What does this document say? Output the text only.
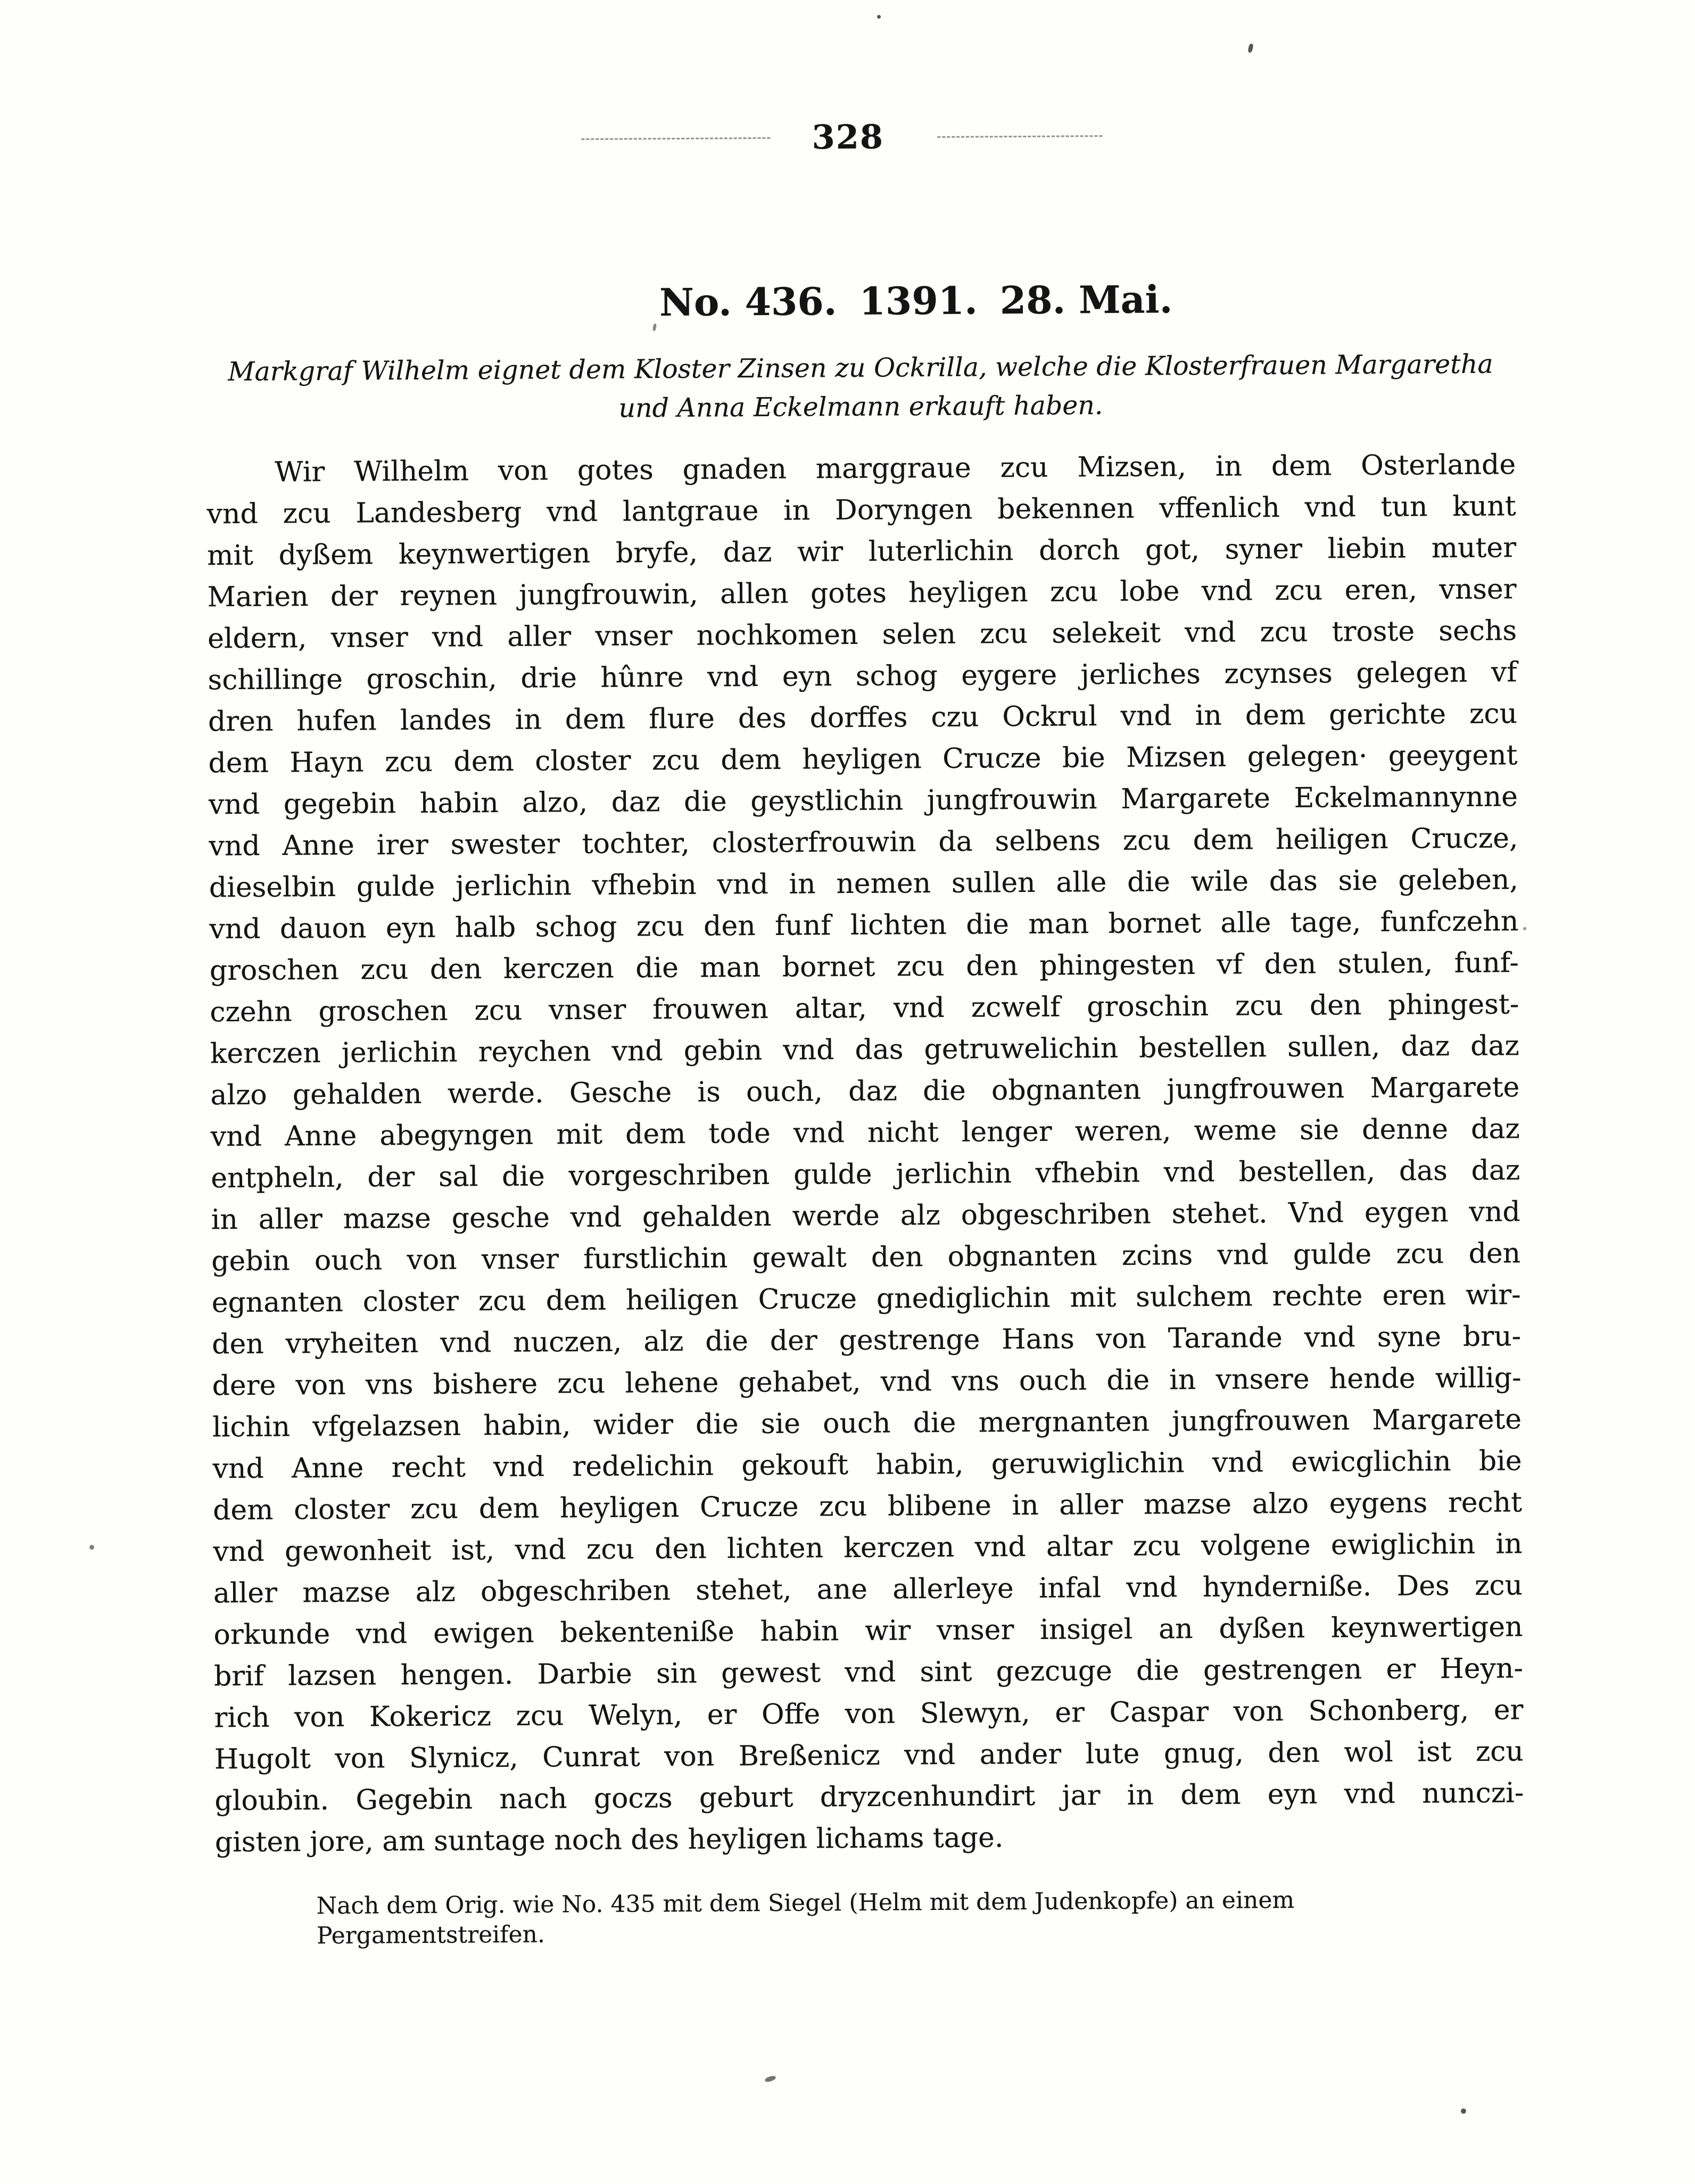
328
No. 436. 1391. 28. Mai.
Markgraf Wilhelm eignet dem Kloster Zinsen zu Ockrilla, welche die Klosterfrauen Margaretha
und Anna Eckelmann erkauft haben.
Wir Wilhelm von gotes gnaden marggraue zcu Mizsen, in dem Osterlande
vnd zcu Landesberg vnd lantgraue in Doryngen bekennen vffenlich vnd tun kunt
mit dyßem keynwertigen bryfe, daz wir luterlichin dorch got, syner liebin muter
Marien der reynen jungfrouwin, allen gotes heyligen zcu lobe vnd zcu eren, vnser
eldern, vnser vnd aller vnser nochkomen selen zcu selekeit vnd zcu troste sechs
schillinge groschin, drie hûnre vnd eyn schog eygere jerliches zcynses gelegen vf
dren hufen landes in dem flure des dorffes czu Ockrul vnd in dem gerichte zcu
dem Hayn zcu dem closter zcu dem heyligen Crucze bie Mizsen gelegen· geeygent
vnd gegebin habin alzo, daz die geystlichin jungfrouwin Margarete Eckelmannynne
vnd Anne irer swester tochter, closterfrouwin da selbens zcu dem heiligen Crucze,
dieselbin gulde jerlichin vfhebin vnd in nemen sullen alle die wile das sie geleben,
vnd dauon eyn halb schog zcu den funf lichten die man bornet alle tage, funfczehn
groschen zcu den kerczen die man bornet zcu den phingesten vf den stulen, funf-
czehn groschen zcu vnser frouwen altar, vnd zcwelf groschin zcu den phingest-
kerczen jerlichin reychen vnd gebin vnd das getruwelichin bestellen sullen, daz daz
alzo gehalden werde. Gesche is ouch, daz die obgnanten jungfrouwen Margarete
vnd Anne abegyngen mit dem tode vnd nicht lenger weren, weme sie denne daz
entpheln, der sal die vorgeschriben gulde jerlichin vfhebin vnd bestellen, das daz
in aller mazse gesche vnd gehalden werde alz obgeschriben stehet. Vnd eygen vnd
gebin ouch von vnser furstlichin gewalt den obgnanten zcins vnd gulde zcu den
egnanten closter zcu dem heiligen Crucze gnediglichin mit sulchem rechte eren wir-
den vryheiten vnd nuczen, alz die der gestrenge Hans von Tarande vnd syne bru-
dere von vns bishere zcu lehene gehabet, vnd vns ouch die in vnsere hende willig-
lichin vfgelazsen habin, wider die sie ouch die mergnanten jungfrouwen Margarete
vnd Anne recht vnd redelichin gekouft habin, geruwiglichin vnd ewicglichin bie
dem closter zcu dem heyligen Crucze zcu blibene in aller mazse alzo eygens recht
vnd gewonheit ist, vnd zcu den lichten kerczen vnd altar zcu volgene ewiglichin in
aller mazse alz obgeschriben stehet, ane allerleye infal vnd hynderniße. Des zcu
orkunde vnd ewigen bekenteniße habin wir vnser insigel an dyßen keynwertigen
brif lazsen hengen. Darbie sin gewest vnd sint gezcuge die gestrengen er Heyn-
rich von Kokericz zcu Welyn, er Offe von Slewyn, er Caspar von Schonberg, er
Hugolt von Slynicz, Cunrat von Breßenicz vnd ander lute gnug, den wol ist zcu
gloubin. Gegebin nach goczs geburt dryzcenhundirt jar in dem eyn vnd nunczi-
gisten jore, am suntage noch des heyligen lichams tage.
Nach dem Orig. wie No. 435 mit dem Siegel (Helm mit dem Judenkopfe) an einem Pergamentstreifen.
